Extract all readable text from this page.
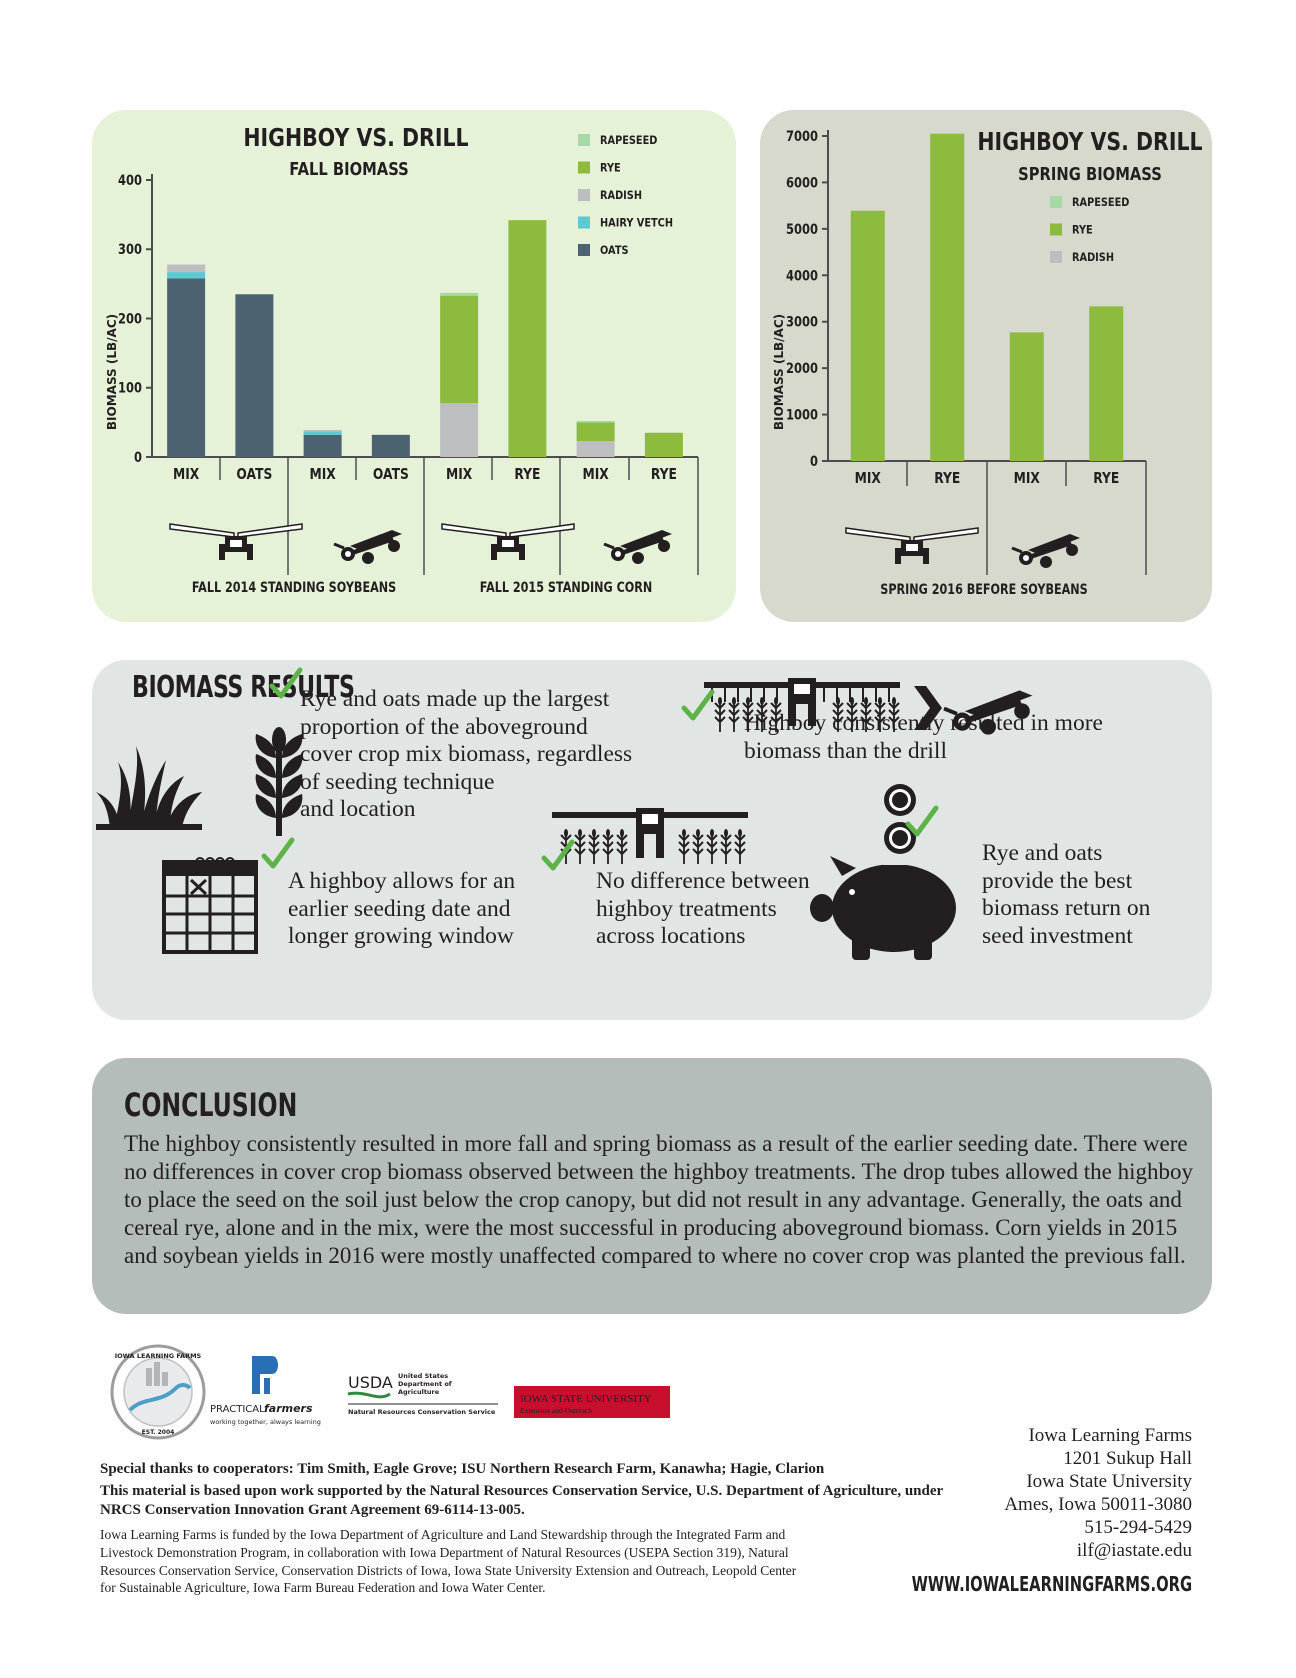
HIGHBOY VS. DRILL
FALL BIOMASS
BIOMASS (LB/AC)
400
300
200
100
0
MIX OATS MIX OATS MIX	RYE	MIX	RYE
RAPESEED
RYE
RADISH
HAIRY VETCH
OATS
FALL 2014 STANDING SOYBEANS	FALL 2015 STANDING CORN
HIGHBOY VS. DRILL
SPRING BIOMASS
BIOMASS (LB/AC)
7000
6000
5000
4000
3000
2000
1000
0
MIX	RYE	MIX	RYE
RAPESEED
RYE
RADISH
SPRING 2016 BEFORE SOYBEANS
BIOMASS RESULTS
Rye and oats made up the largest
proportion of the aboveground
cover crop mix biomass, regardless
of seeding technique
and location
Highboy consistently resulted in more
biomass than the drill
A highboy allows for an
earlier seeding date and
longer growing window
No difference between
highboy treatments
across locations
Rye and oats
provide the best
biomass return on
seed investment
CONCLUSION
The highboy consistently resulted in more fall and spring biomass as a result of the earlier seeding date. There were no differences in cover crop biomass observed between the highboy treatments. The drop tubes allowed the highboy to place the seed on the soil just below the crop canopy, but did not result in any advantage. Generally, the oats and cereal rye, alone and in the mix, were the most successful in producing aboveground biomass. Corn yields in 2015 and soybean yields in 2016 were mostly unaffected compared to where no cover crop was planted the previous fall.
IOWA LEARNING FARMS
EST. 2004
PRACTICAL farmers
working together, always learning
USDA United States
Department of
Agriculture
Natural Resources Conservation Service
IOWA STATE UNIVERSITY
Extension and Outreach
Special thanks to cooperators: Tim Smith, Eagle Grove; ISU Northern Research Farm, Kanawha; Hagie, Clarion
This material is based upon work supported by the Natural Resources Conservation Service, U.S. Department of Agriculture, under NRCS Conservation Innovation Grant Agreement 69-6114-13-005.
Iowa Learning Farms is funded by the Iowa Department of Agriculture and Land Stewardship through the Integrated Farm and Livestock Demonstration Program, in collaboration with Iowa Department of Natural Resources (USEPA Section 319), Natural Resources Conservation Service, Conservation Districts of Iowa, Iowa State University Extension and Outreach, Leopold Center for Sustainable Agriculture, Iowa Farm Bureau Federation and Iowa Water Center.
Iowa Learning Farms
1201 Sukup Hall
Iowa State University
Ames, Iowa 50011-3080
515-294-5429
ilf@iastate.edu
WWW.IOWALEARNINGFARMS.ORG
